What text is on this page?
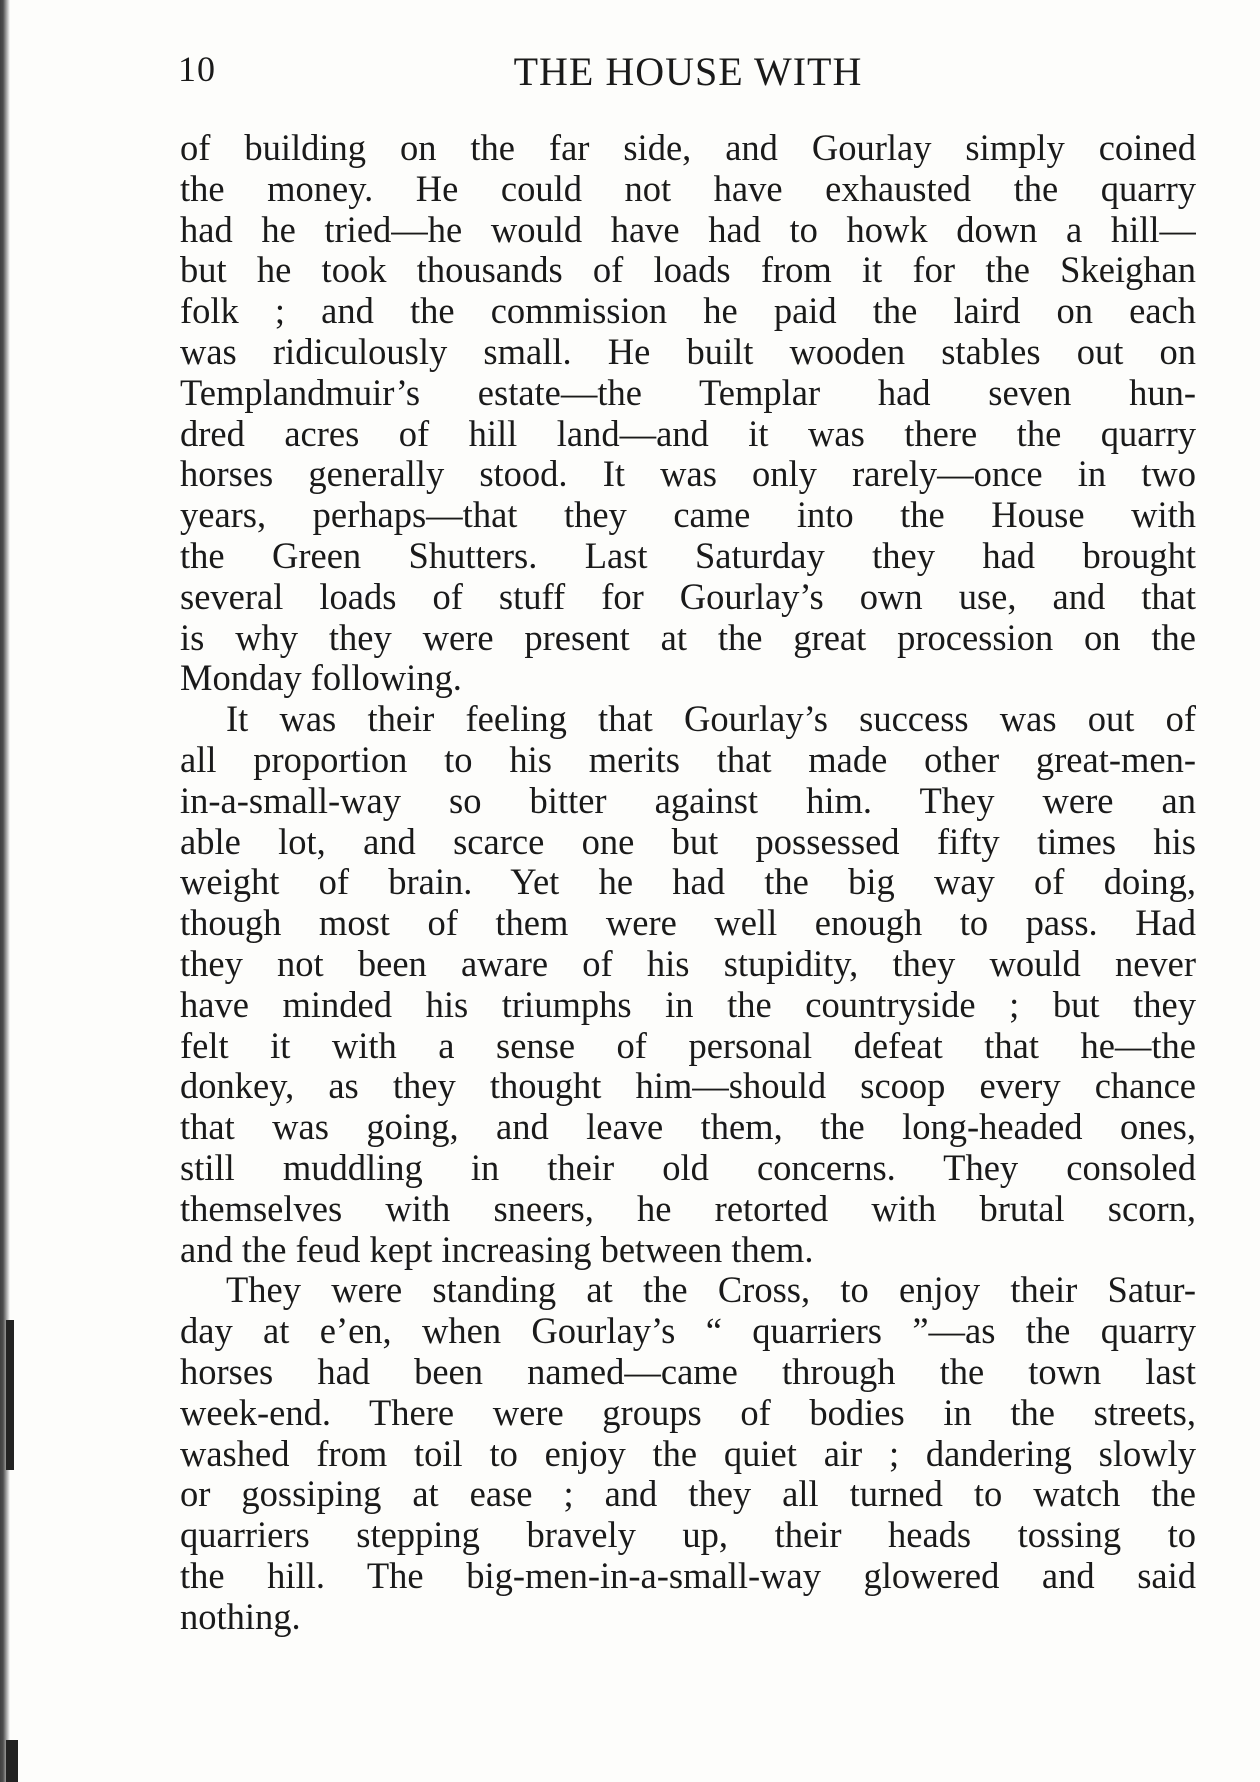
10	THE HOUSE WITH
of building on the far side, and Gourlay simply coined
the money. He could not have exhausted the quarry
had he tried—he would have had to howk down a hill—
but he took thousands of loads from it for the Skeighan
folk ; and the commission he paid the laird on each
was ridiculously small. He built wooden stables out on
Templandmuir’s estate—the Templar had seven hun-
dred acres of hill land—and it was there the quarry
horses generally stood. It was only rarely—once in two
years, perhaps—that they came into the House with
the Green Shutters. Last Saturday they had brought
several loads of stuff for Gourlay’s own use, and that
is why they were present at the great procession on the
Monday following.
It was their feeling that Gourlay’s success was out of
all proportion to his merits that made other great-men-
in-a-small-way so bitter against him. They were an
able lot, and scarce one but possessed fifty times his
weight of brain. Yet he had the big way of doing,
though most of them were well enough to pass. Had
they not been aware of his stupidity, they would never
have minded his triumphs in the countryside ; but they
felt it with a sense of personal defeat that he—the
donkey, as they thought him—should scoop every chance
that was going, and leave them, the long-headed ones,
still muddling in their old concerns. They consoled
themselves with sneers, he retorted with brutal scorn,
and the feud kept increasing between them.
They were standing at the Cross, to enjoy their Satur-
day at e’en, when Gourlay’s “ quarriers ”—as the quarry
horses had been named—came through the town last
week-end. There were groups of bodies in the streets,
washed from toil to enjoy the quiet air ; dandering slowly
or gossiping at ease ; and they all turned to watch the
quarriers stepping bravely up, their heads tossing to
the hill. The big-men-in-a-small-way glowered and said
nothing.
